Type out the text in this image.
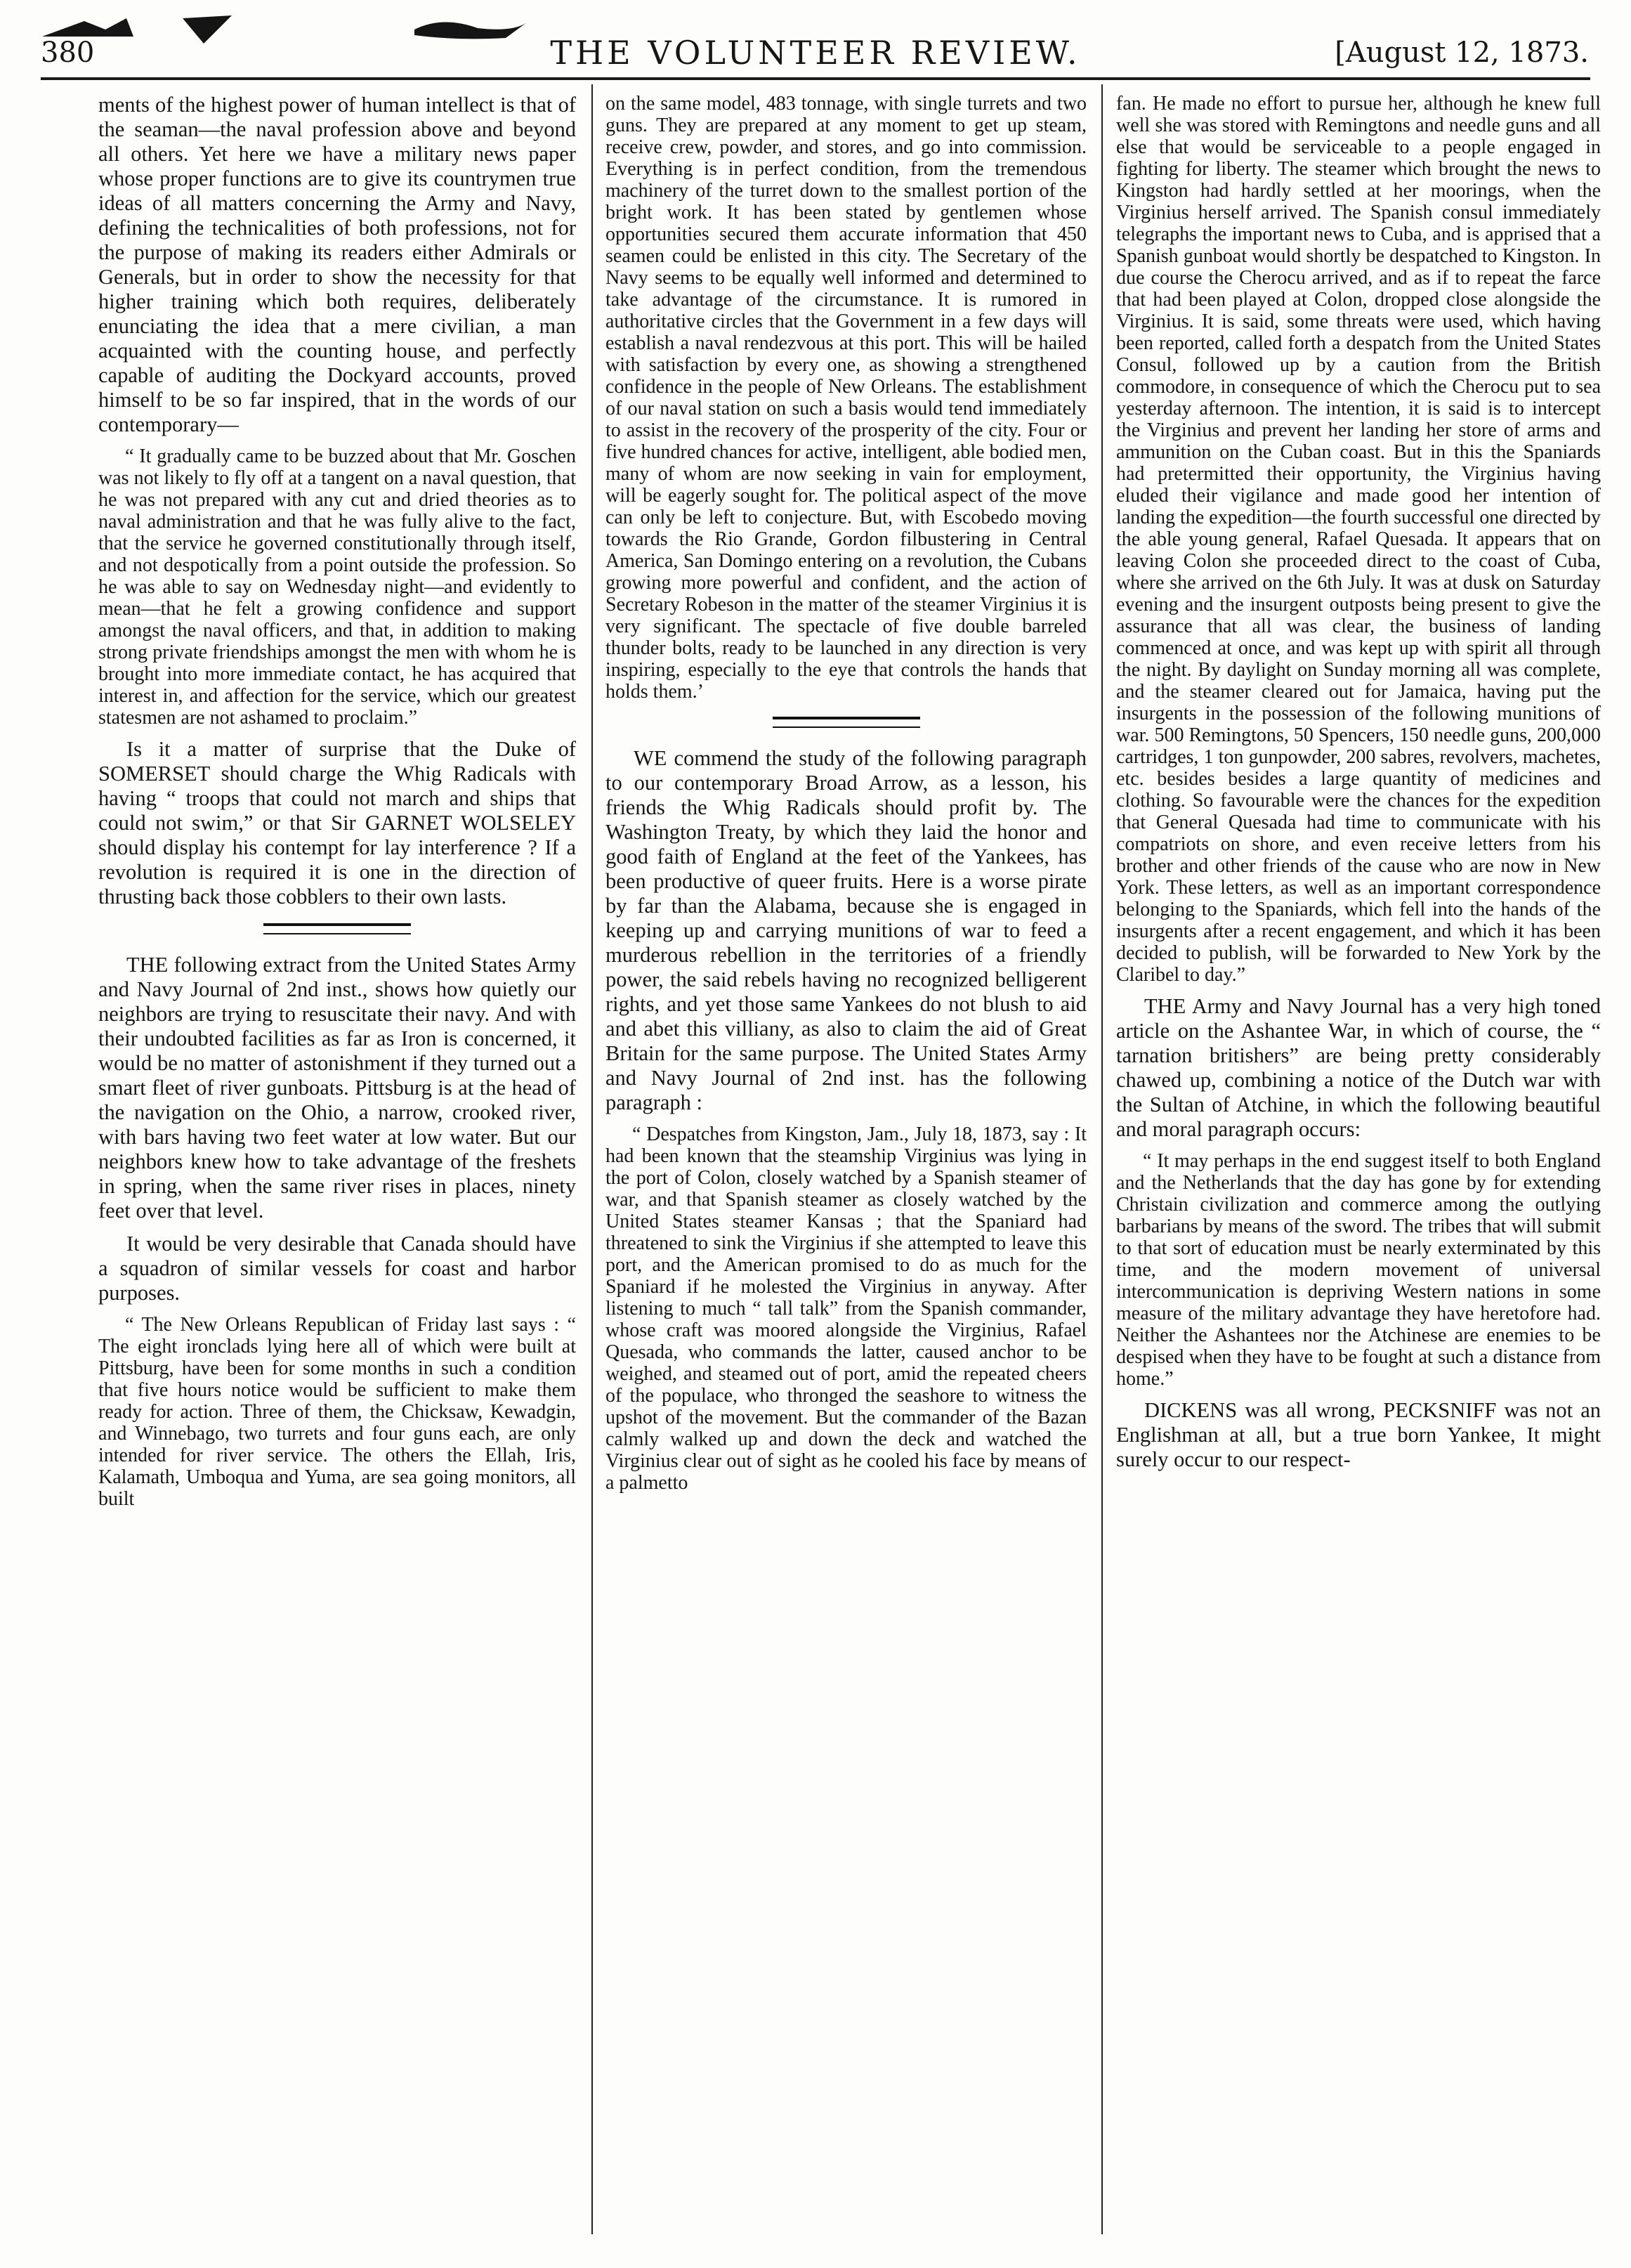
380	THE VOLUNTEER REVIEW.	[August 12, 1873.

ments of the highest power of human intellect is that of the seaman—the naval profession above and beyond all others. Yet here we have a military news paper whose proper functions are to give its countrymen true ideas of all matters concerning the Army and Navy, defining the technicalities of both professions, not for the purpose of making its readers either Admirals or Generals, but in order to show the necessity for that higher training which both requires, deliberately enunciating the idea that a mere civilian, a man acquainted with the counting house, and perfectly capable of auditing the Dockyard accounts, proved himself to be so far inspired, that in the words of our contemporary—

“ It gradually came to be buzzed about that Mr. Goschen was not likely to fly off at a tangent on a naval question, that he was not prepared with any cut and dried theories as to naval administration and that he was fully alive to the fact, that the service he governed constitutionally through itself, and not despotically from a point outside the profession. So he was able to say on Wednesday night—and evidently to mean—that he felt a growing confidence and support amongst the naval officers, and that, in addition to making strong private friendships amongst the men with whom he is brought into more immediate contact, he has acquired that interest in, and affection for the service, which our greatest statesmen are not ashamed to proclaim.”

Is it a matter of surprise that the Duke of SOMERSET should charge the Whig Radicals with having “ troops that could not march and ships that could not swim,” or that Sir GARNET WOLSELEY should display his contempt for lay interference ? If a revolution is required it is one in the direction of thrusting back those cobblers to their own lasts.

THE following extract from the United States Army and Navy Journal of 2nd inst., shows how quietly our neighbors are trying to resuscitate their navy. And with their undoubted facilities as far as Iron is concerned, it would be no matter of astonishment if they turned out a smart fleet of river gunboats. Pittsburg is at the head of the navigation on the Ohio, a narrow, crooked river, with bars having two feet water at low water. But our neighbors knew how to take advantage of the freshets in spring, when the same river rises in places, ninety feet over that level.

It would be very desirable that Canada should have a squadron of similar vessels for coast and harbor purposes.

“ The New Orleans Republican of Friday last says : “ The eight ironclads lying here all of which were built at Pittsburg, have been for some months in such a condition that five hours notice would be sufficient to make them ready for action. Three of them, the Chicksaw, Kewadgin, and Winnebago, two turrets and four guns each, are only intended for river service. The others the Ellah, Iris, Kalamath, Umboqua and Yuma, are sea going monitors, all built

on the same model, 483 tonnage, with single turrets and two guns. They are prepared at any moment to get up steam, receive crew, powder, and stores, and go into commission. Everything is in perfect condition, from the tremendous machinery of the turret down to the smallest portion of the bright work. It has been stated by gentlemen whose opportunities secured them accurate information that 450 seamen could be enlisted in this city. The Secretary of the Navy seems to be equally well informed and determined to take advantage of the circumstance. It is rumored in authoritative circles that the Government in a few days will establish a naval rendezvous at this port. This will be hailed with satisfaction by every one, as showing a strengthened confidence in the people of New Orleans. The establishment of our naval station on such a basis would tend immediately to assist in the recovery of the prosperity of the city. Four or five hundred chances for active, intelligent, able bodied men, many of whom are now seeking in vain for employment, will be eagerly sought for. The political aspect of the move can only be left to conjecture. But, with Escobedo moving towards the Rio Grande, Gordon filbustering in Central America, San Domingo entering on a revolution, the Cubans growing more powerful and confident, and the action of Secretary Robeson in the matter of the steamer Virginius it is very significant. The spectacle of five double barreled thunder bolts, ready to be launched in any direction is very inspiring, especially to the eye that controls the hands that holds them.’

WE commend the study of the following paragraph to our contemporary Broad Arrow, as a lesson, his friends the Whig Radicals should profit by. The Washington Treaty, by which they laid the honor and good faith of England at the feet of the Yankees, has been productive of queer fruits. Here is a worse pirate by far than the Alabama, because she is engaged in keeping up and carrying munitions of war to feed a murderous rebellion in the territories of a friendly power, the said rebels having no recognized belligerent rights, and yet those same Yankees do not blush to aid and abet this villiany, as also to claim the aid of Great Britain for the same purpose. The United States Army and Navy Journal of 2nd inst. has the following paragraph :

“ Despatches from Kingston, Jam., July 18, 1873, say : It had been known that the steamship Virginius was lying in the port of Colon, closely watched by a Spanish steamer of war, and that Spanish steamer as closely watched by the United States steamer Kansas ; that the Spaniard had threatened to sink the Virginius if she attempted to leave this port, and the American promised to do as much for the Spaniard if he molested the Virginius in anyway. After listening to much “ tall talk” from the Spanish commander, whose craft was moored alongside the Virginius, Rafael Quesada, who commands the latter, caused anchor to be weighed, and steamed out of port, amid the repeated cheers of the populace, who thronged the seashore to witness the upshot of the movement. But the commander of the Bazan calmly walked up and down the deck and watched the Virginius clear out of sight as he cooled his face by means of a palmetto

fan. He made no effort to pursue her, although he knew full well she was stored with Remingtons and needle guns and all else that would be serviceable to a people engaged in fighting for liberty. The steamer which brought the news to Kingston had hardly settled at her moorings, when the Virginius herself arrived. The Spanish consul immediately telegraphs the important news to Cuba, and is apprised that a Spanish gunboat would shortly be despatched to Kingston. In due course the Cherocu arrived, and as if to repeat the farce that had been played at Colon, dropped close alongside the Virginius. It is said, some threats were used, which having been reported, called forth a despatch from the United States Consul, followed up by a caution from the British commodore, in consequence of which the Cherocu put to sea yesterday afternoon. The intention, it is said is to intercept the Virginius and prevent her landing her store of arms and ammunition on the Cuban coast. But in this the Spaniards had pretermitted their opportunity, the Virginius having eluded their vigilance and made good her intention of landing the expedition—the fourth successful one directed by the able young general, Rafael Quesada. It appears that on leaving Colon she proceeded direct to the coast of Cuba, where she arrived on the 6th July. It was at dusk on Saturday evening and the insurgent outposts being present to give the assurance that all was clear, the business of landing commenced at once, and was kept up with spirit all through the night. By daylight on Sunday morning all was complete, and the steamer cleared out for Jamaica, having put the insurgents in the possession of the following munitions of war. 500 Remingtons, 50 Spencers, 150 needle guns, 200,000 cartridges, 1 ton gunpowder, 200 sabres, revolvers, machetes, etc. besides besides a large quantity of medicines and clothing. So favourable were the chances for the expedition that General Quesada had time to communicate with his compatriots on shore, and even receive letters from his brother and other friends of the cause who are now in New York. These letters, as well as an important correspondence belonging to the Spaniards, which fell into the hands of the insurgents after a recent engagement, and which it has been decided to publish, will be forwarded to New York by the Claribel to day.”

THE Army and Navy Journal has a very high toned article on the Ashantee War, in which of course, the “ tarnation britishers” are being pretty considerably chawed up, combining a notice of the Dutch war with the Sultan of Atchine, in which the following beautiful and moral paragraph occurs:

“ It may perhaps in the end suggest itself to both England and the Netherlands that the day has gone by for extending Christain civilization and commerce among the outlying barbarians by means of the sword. The tribes that will submit to that sort of education must be nearly exterminated by this time, and the modern movement of universal intercommunication is depriving Western nations in some measure of the military advantage they have heretofore had. Neither the Ashantees nor the Atchinese are enemies to be despised when they have to be fought at such a distance from home.”

DICKENS was all wrong, PECKSNIFF was not an Englishman at all, but a true born Yankee, It might surely occur to our respect-
